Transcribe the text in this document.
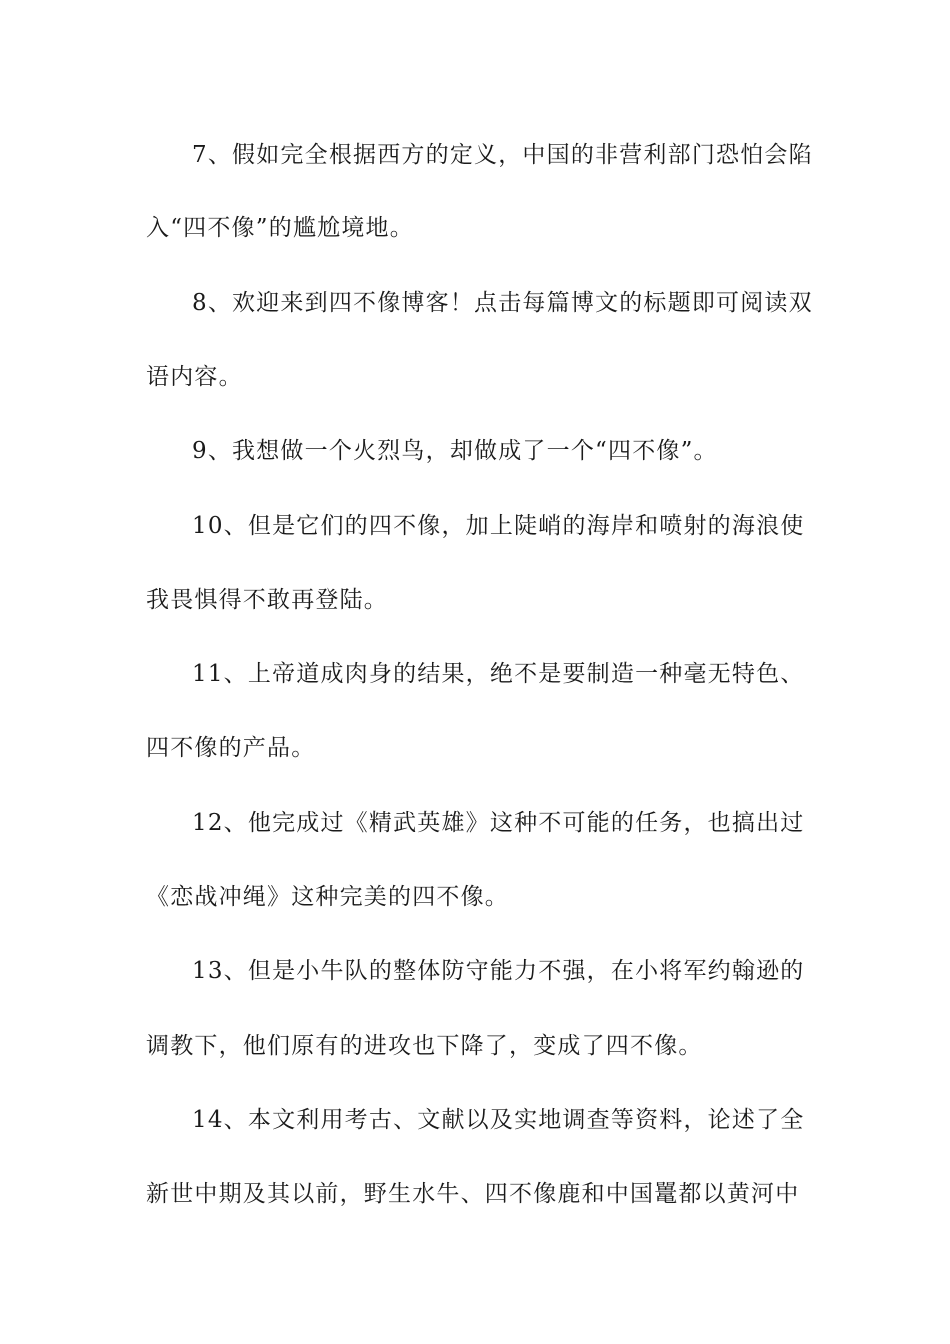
7、假如完全根据西方的定义，中国的非营利部门恐怕会陷
入“四不像”的尴尬境地。
8、欢迎来到四不像博客！点击每篇博文的标题即可阅读双
语内容。
9、我想做一个火烈鸟，却做成了一个“四不像”。
10、但是它们的四不像，加上陡峭的海岸和喷射的海浪使
我畏惧得不敢再登陆。
11、上帝道成肉身的结果，绝不是要制造一种毫无特色、
四不像的产品。
12、他完成过《精武英雄》这种不可能的任务，也搞出过
《恋战冲绳》这种完美的四不像。
13、但是小牛队的整体防守能力不强，在小将军约翰逊的
调教下，他们原有的进攻也下降了，变成了四不像。
14、本文利用考古、文献以及实地调查等资料，论述了全
新世中期及其以前，野生水牛、四不像鹿和中国鼍都以黄河中
